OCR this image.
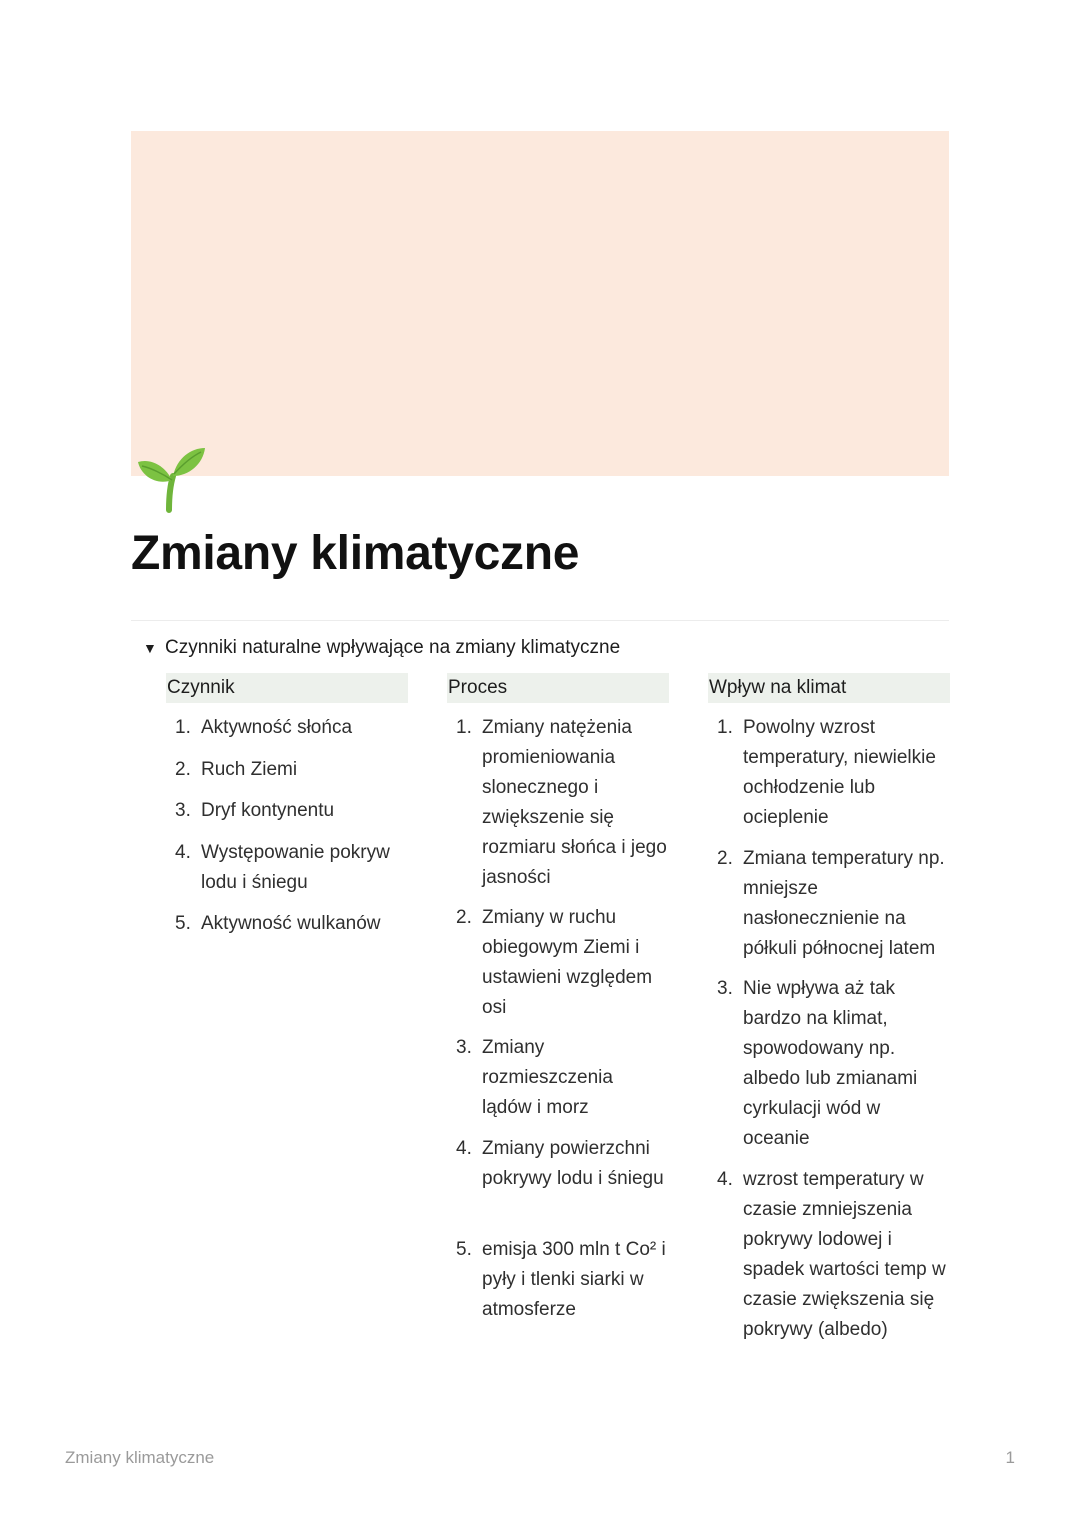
Zmiany klimatyczne
▼ Czynniki naturalne wpływające na zmiany klimatyczne
Czynnik
1. Aktywność słońca
2. Ruch Ziemi
3. Dryf kontynentu
4. Występowanie pokryw lodu i śniegu
5. Aktywność wulkanów
Proces
1. Zmiany natężenia promieniowania slonecznego i zwiększenie się rozmiaru słońca i jego jasności
2. Zmiany w ruchu obiegowym Ziemi i ustawieni względem osi
3. Zmiany rozmieszczenia lądów i morz
4. Zmiany powierzchni pokrywy lodu i śniegu
5. emisja 300 mln t Co² i pyły i tlenki siarki w atmosferze
Wpływ na klimat
1. Powolny wzrost temperatury, niewielkie ochłodzenie lub ocieplenie
2. Zmiana temperatury np. mniejsze nasłonecznienie na półkuli północnej latem
3. Nie wpływa aż tak bardzo na klimat, spowodowany np. albedo lub zmianami cyrkulacji wód w oceanie
4. wzrost temperatury w czasie zmniejszenia pokrywy lodowej i spadek wartości temp w czasie zwiększenia się pokrywy (albedo)
Zmiany klimatyczne	1
